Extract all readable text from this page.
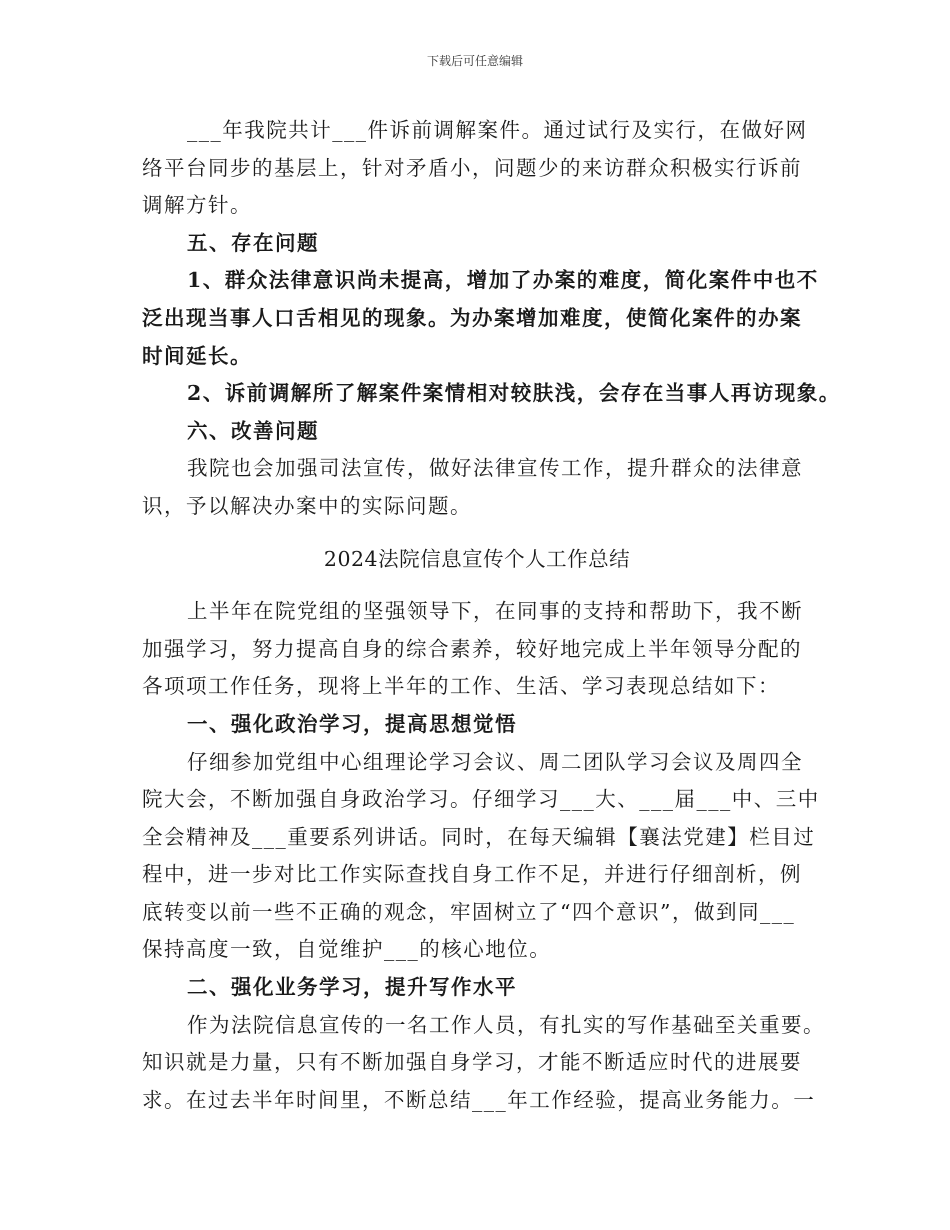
下载后可任意编辑
___年我院共计___件诉前调解案件。通过试行及实行，在做好网
络平台同步的基层上，针对矛盾小，问题少的来访群众积极实行诉前
调解方针。
五、存在问题
1、群众法律意识尚未提高，增加了办案的难度，简化案件中也不
泛出现当事人口舌相见的现象。为办案增加难度，使简化案件的办案
时间延长。
2、诉前调解所了解案件案情相对较肤浅，会存在当事人再访现象。
六、改善问题
我院也会加强司法宣传，做好法律宣传工作，提升群众的法律意
识，予以解决办案中的实际问题。
2024法院信息宣传个人工作总结
上半年在院党组的坚强领导下，在同事的支持和帮助下，我不断
加强学习，努力提高自身的综合素养，较好地完成上半年领导分配的
各项项工作任务，现将上半年的工作、生活、学习表现总结如下：
一、强化政治学习，提高思想觉悟
仔细参加党组中心组理论学习会议、周二团队学习会议及周四全
院大会，不断加强自身政治学习。仔细学习___大、___届___中、三中
全会精神及___重要系列讲话。同时，在每天编辑【襄法党建】栏目过
程中，进一步对比工作实际查找自身工作不足，并进行仔细剖析，例
底转变以前一些不正确的观念，牢固树立了“四个意识”，做到同___
保持高度一致，自觉维护___的核心地位。
二、强化业务学习，提升写作水平
作为法院信息宣传的一名工作人员，有扎实的写作基础至关重要。
知识就是力量，只有不断加强自身学习，才能不断适应时代的进展要
求。在过去半年时间里，不断总结___年工作经验，提高业务能力。一
